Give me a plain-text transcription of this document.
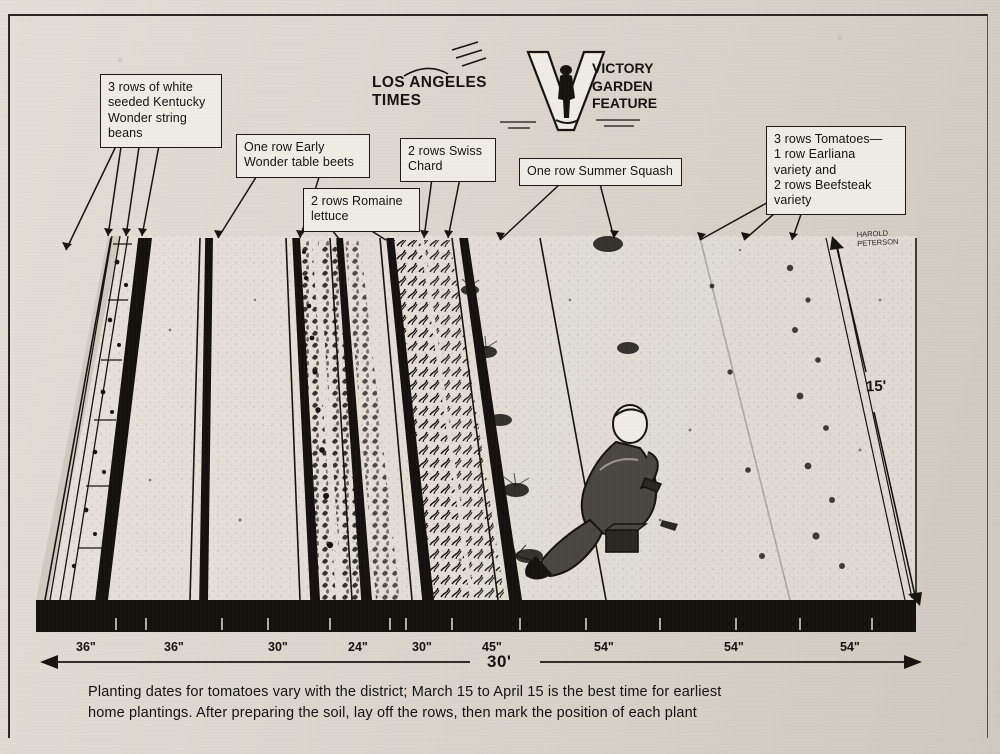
LOS ANGELES TIMES
VICTORY GARDEN FEATURE
3 rows of white
seeded Kentucky
Wonder string
beans
One row Early
Wonder table beets
2 rows Romaine
lettuce
2 rows Swiss
Chard	One row Summer Squash
3 rows Tomatoes—
1 row Earliana
variety and
2 rows Beefsteak
variety
HAROLD
PETERSON
36"	36"	30"	24"	30"	45"	54"	54"	54"
30'
15'
Planting dates for tomatoes vary with the district; March 15 to April 15 is the best time for earliest
home plantings. After preparing the soil, lay off the rows, then mark the position of each plant
